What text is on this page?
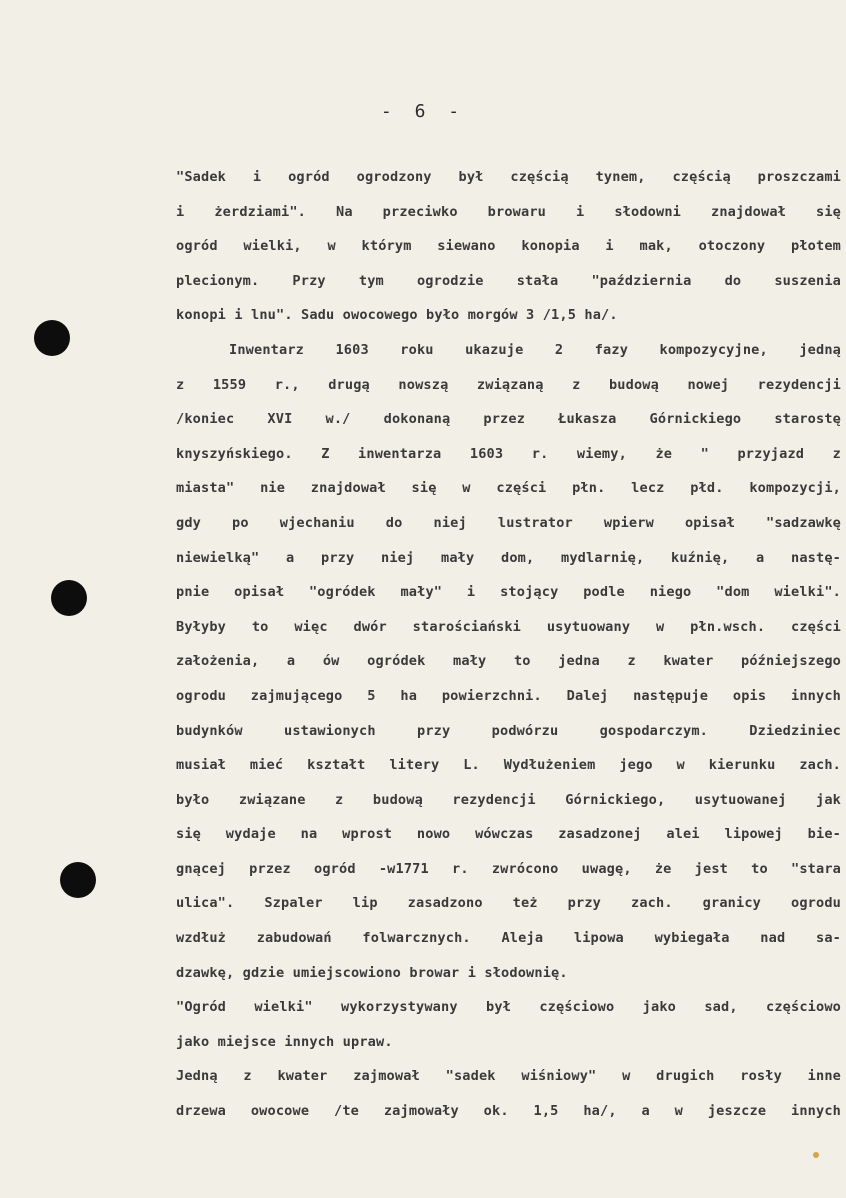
- 6 -
"Sadek i ogród ogrodzony był częścią tynem, częścią proszczami
i żerdziami". Na przeciwko browaru i słodowni znajdował się
ogród wielki, w którym siewano konopia i mak, otoczony płotem
plecionym. Przy tym ogrodzie stała "październia do suszenia
konopi i lnu". Sadu owocowego było morgów 3 /1,5 ha/.
Inwentarz 1603 roku ukazuje 2 fazy kompozycyjne, jedną
z 1559 r., drugą nowszą związaną z budową nowej rezydencji
/koniec XVI w./ dokonaną przez Łukasza Górnickiego starostę
knyszyńskiego. Z inwentarza 1603 r. wiemy, że " przyjazd z
miasta" nie znajdował się w części płn. lecz płd. kompozycji,
gdy po wjechaniu do niej lustrator wpierw opisał "sadzawkę
niewielką" a przy niej mały dom, mydlarnię, kuźnię, a nastę-
pnie opisał "ogródek mały" i stojący podle niego "dom wielki".
Byłyby to więc dwór starościański usytuowany w płn.wsch. części
założenia, a ów ogródek mały to jedna z kwater późniejszego
ogrodu zajmującego 5 ha powierzchni. Dalej następuje opis innych
budynków ustawionych przy podwórzu gospodarczym. Dziedziniec
musiał mieć kształt litery L. Wydłużeniem jego w kierunku zach.
było związane z budową rezydencji Górnickiego, usytuowanej jak
się wydaje na wprost nowo wówczas zasadzonej alei lipowej bie-
gnącej przez ogród -w1771 r. zwrócono uwagę, że jest to "stara
ulica". Szpaler lip zasadzono też przy zach. granicy ogrodu
wzdłuż zabudowań folwarcznych. Aleja lipowa wybiegała nad sa-
dzawkę, gdzie umiejscowiono browar i słodownię.
"Ogród wielki" wykorzystywany był częściowo jako sad, częściowo
jako miejsce innych upraw.
Jedną z kwater zajmował "sadek wiśniowy" w drugich rosły inne
drzewa owocowe /te zajmowały ok. 1,5 ha/, a w jeszcze innych
